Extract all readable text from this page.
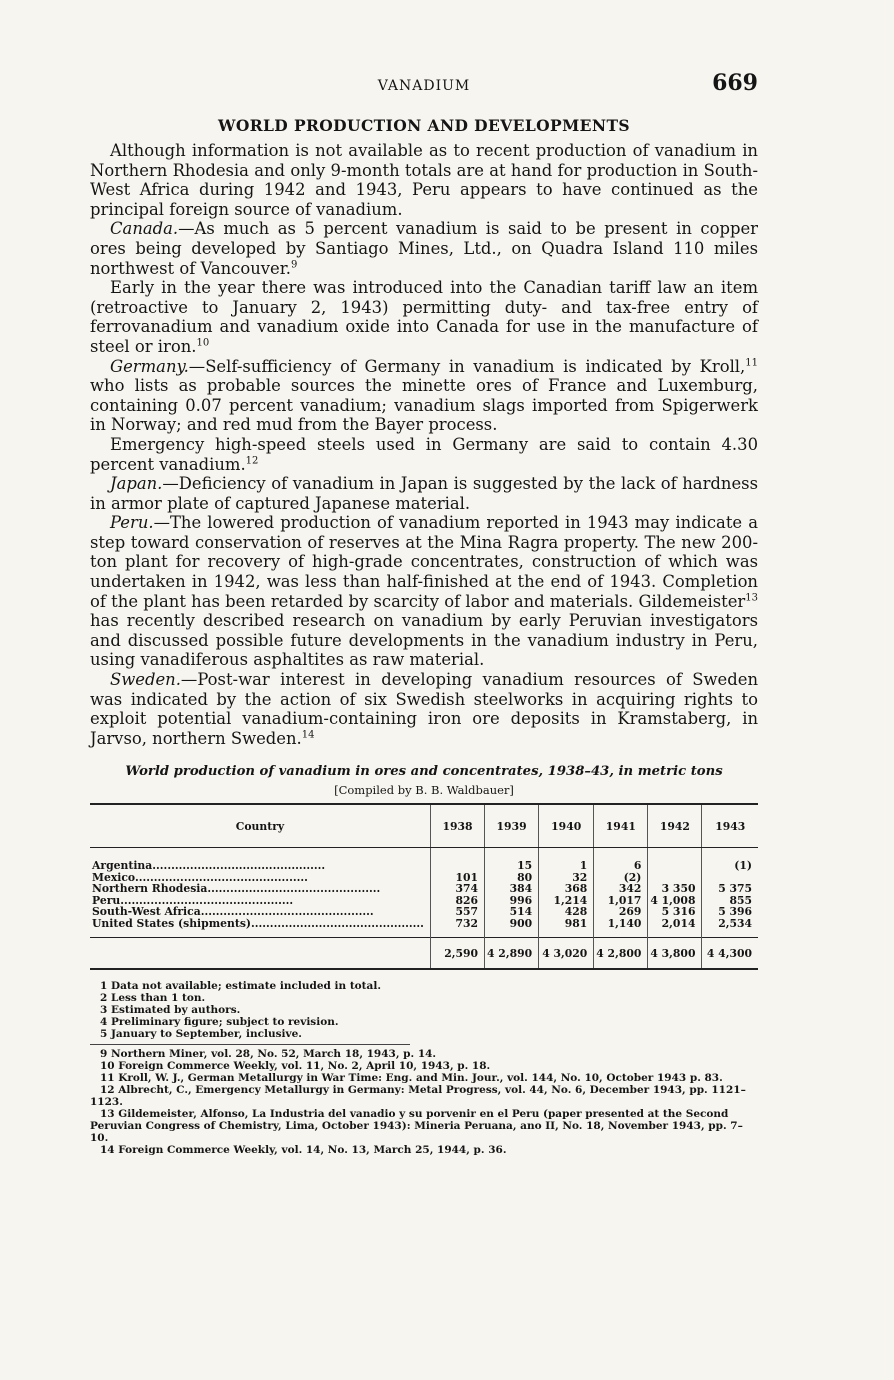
VANADIUM	669
WORLD PRODUCTION AND DEVELOPMENTS

Although information is not available as to recent production of vanadium in Northern Rhodesia and only 9-month totals are at hand for production in South-West Africa during 1942 and 1943, Peru appears to have continued as the principal foreign source of vanadium.

Canada.—As much as 5 percent vanadium is said to be present in copper ores being developed by Santiago Mines, Ltd., on Quadra Island 110 miles northwest of Vancouver.$^9$

Early in the year there was introduced into the Canadian tariff law an item (retroactive to January 2, 1943) permitting duty- and tax-free entry of ferrovanadium and vanadium oxide into Canada for use in the manufacture of steel or iron.$^{10}$

Germany.—Self-sufficiency of Germany in vanadium is indicated by Kroll,$^{11}$ who lists as probable sources the minette ores of France and Luxemburg, containing 0.07 percent vanadium; vanadium slags imported from Spigerwerk in Norway; and red mud from the Bayer process.

Emergency high-speed steels used in Germany are said to contain 4.30 percent vanadium.$^{12}$

Japan.—Deficiency of vanadium in Japan is suggested by the lack of hardness in armor plate of captured Japanese material.

Peru.—The lowered production of vanadium reported in 1943 may indicate a step toward conservation of reserves at the Mina Ragra property. The new 200-ton plant for recovery of high-grade concentrates, construction of which was undertaken in 1942, was less than half-finished at the end of 1943. Completion of the plant has been retarded by scarcity of labor and materials. Gildemeister$^{13}$ has recently described research on vanadium by early Peruvian investigators and discussed possible future developments in the vanadium industry in Peru, using vanadiferous asphaltites as raw material.

Sweden.—Post-war interest in developing vanadium resources of Sweden was indicated by the action of six Swedish steelworks in acquiring rights to exploit potential vanadium-containing iron ore deposits in Kramstaberg, in Jarvso, northern Sweden.$^{14}$

World production of vanadium in ores and concentrates, 1938–43, in metric tons
[Compiled by B. B. Waldbauer]
Country	1938	1939	1940	1941	1942	1943
Argentina..............................................		15	1	6		(1)
Mexico..............................................	101	80	32	(2)		
Northern Rhodesia..............................................	374	384	368	342	3 350	5 375
Peru..............................................	826	996	1,214	1,017	4 1,008	855
South-West Africa..............................................	557	514	428	269	5 316	5 396
United States (shipments)..............................................	732	900	981	1,140	2,014	2,534
	2,590	4 2,890	4 3,020	4 2,800	4 3,800	4 4,300
1 Data not available; estimate included in total.
2 Less than 1 ton.
3 Estimated by authors.
4 Preliminary figure; subject to revision.
5 January to September, inclusive.
9 Northern Miner, vol. 28, No. 52, March 18, 1943, p. 14.
10 Foreign Commerce Weekly, vol. 11, No. 2, April 10, 1943, p. 18.
11 Kroll, W. J., German Metallurgy in War Time: Eng. and Min. Jour., vol. 144, No. 10, October 1943 p. 83.
12 Albrecht, C., Emergency Metallurgy in Germany: Metal Progress, vol. 44, No. 6, December 1943, pp. 1121–1123.
13 Gildemeister, Alfonso, La Industria del vanadio y su porvenir en el Peru (paper presented at the Second Peruvian Congress of Chemistry, Lima, October 1943): Mineria Peruana, ano II, No. 18, November 1943, pp. 7–10.
14 Foreign Commerce Weekly, vol. 14, No. 13, March 25, 1944, p. 36.
